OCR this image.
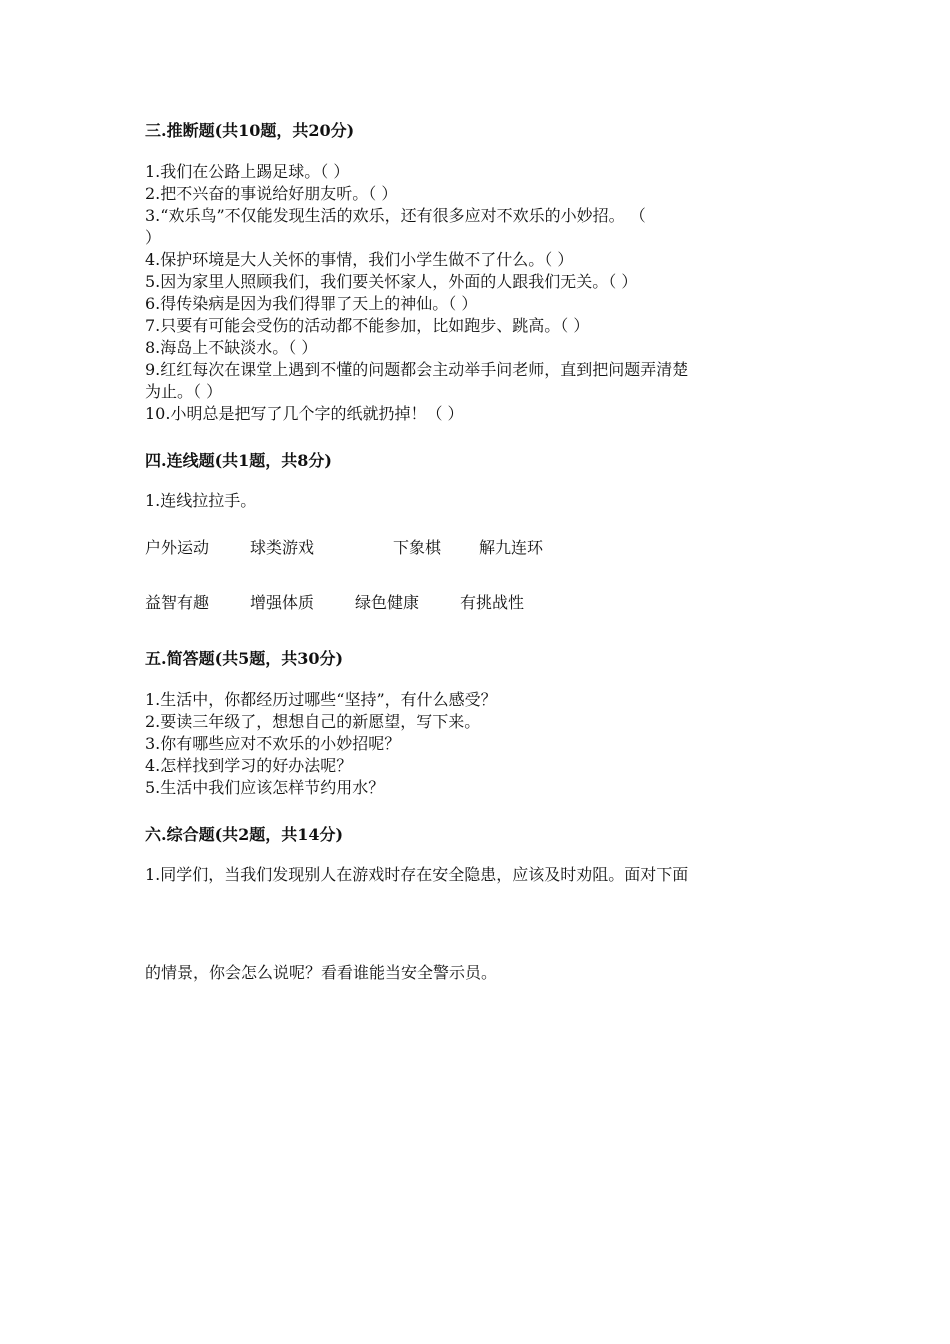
三.推断题(共10题，共20分)
1.我们在公路上踢足球。（ ）
2.把不兴奋的事说给好朋友听。（ ）
3.“欢乐鸟”不仅能发现生活的欢乐，还有很多应对不欢乐的小妙招。 （
）
4.保护环境是大人关怀的事情，我们小学生做不了什么。（ ）
5.因为家里人照顾我们，我们要关怀家人，外面的人跟我们无关。（ ）
6.得传染病是因为我们得罪了天上的神仙。（ ）
7.只要有可能会受伤的活动都不能参加，比如跑步、跳高。（ ）
8.海岛上不缺淡水。（ ）
9.红红每次在课堂上遇到不懂的问题都会主动举手问老师，直到把问题弄清楚
为止。（ ）
10.小明总是把写了几个字的纸就扔掉！（ ）
四.连线题(共1题，共8分)
1.连线拉拉手。
户外运动	球类游戏	下象棋 解九连环
益智有趣	增强体质	绿色健康	有挑战性
五.简答题(共5题，共30分)
1.生活中，你都经历过哪些“坚持”，有什么感受？
2.要读三年级了，想想自己的新愿望，写下来。
3.你有哪些应对不欢乐的小妙招呢？
4.怎样找到学习的好办法呢？
5.生活中我们应该怎样节约用水？
六.综合题(共2题，共14分)
1.同学们，当我们发现别人在游戏时存在安全隐患，应该及时劝阻。面对下面
的情景，你会怎么说呢？看看谁能当安全警示员。
